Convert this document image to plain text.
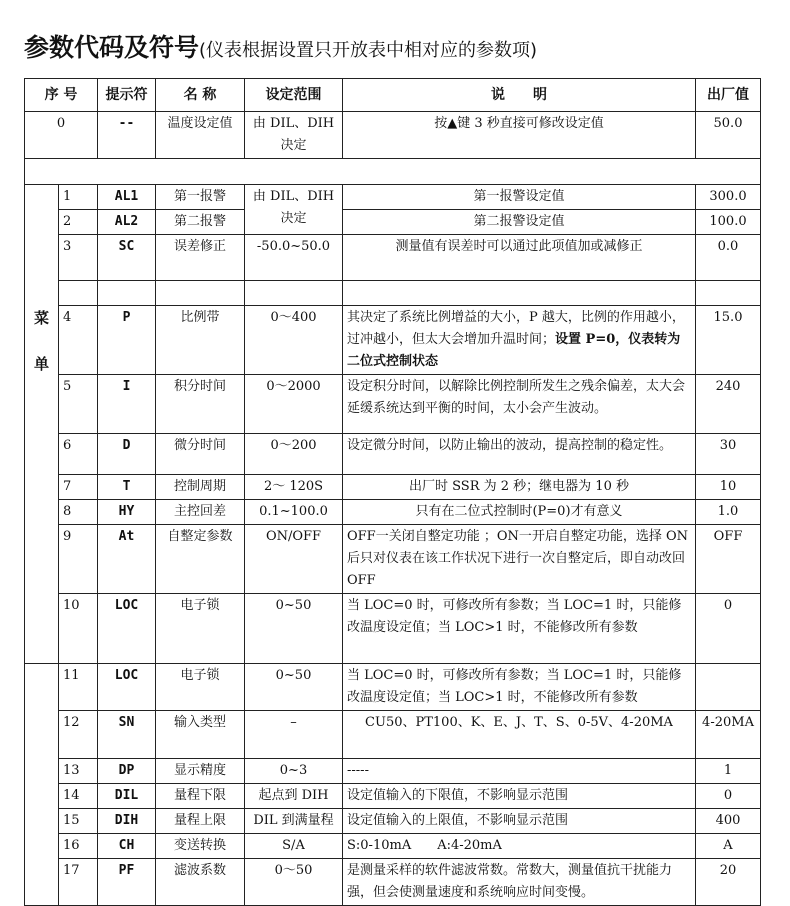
参数代码及符号(仪表根据设置只开放表中相对应的参数项)
序 号		提示符	名 称	设定范围	说　　明	出厂值
0		--	温度设定值	由 DIL、DIH 决定	按▲键 3 秒直接可修改设定值	50.0

菜
单	1	AL1	第一报警	由 DIL、DIH 决定	第一报警设定值	300.0
	2	AL2	第二报警		第二报警设定值	100.0
	3	SC	误差修正	-50.0~50.0	测量值有误差时可以通过此项值加或减修正	0.0

	4	P	比例带	0～400	其决定了系统比例增益的大小，P 越大，比例的作用越小，过冲越小，但太大会增加升温时间；设置 P=0，仪表转为二位式控制状态	15.0
	5	I	积分时间	0～2000	设定积分时间，以解除比例控制所发生之残余偏差，太大会延缓系统达到平衡的时间，太小会产生波动。	240
	6	D	微分时间	0～200	设定微分时间，以防止输出的波动，提高控制的稳定性。	30
	7	T	控制周期	2～ 120S	出厂时 SSR 为 2 秒；继电器为 10 秒	10
	8	HY	主控回差	0.1~100.0	只有在二位式控制时(P=0)才有意义	1.0
	9	At	自整定参数	ON/OFF	OFF一关闭自整定功能 ；ON一开启自整定功能，选择 ON 后只对仪表在该工作状况下进行一次自整定后，即自动改回 OFF	OFF
	10	LOC	电子锁	0~50	当 LOC=0 时，可修改所有参数；当 LOC=1 时，只能修改温度设定值；当 LOC>1 时，不能修改所有参数	0
	11	LOC	电子锁	0~50	当 LOC=0 时，可修改所有参数；当 LOC=1 时，只能修改温度设定值；当 LOC>1 时，不能修改所有参数	
	12	SN	输入类型	–	CU50、PT100、K、E、J、T、S、0-5V、4-20MA	4-20MA
	13	DP	显示精度	0~3	-----	1
	14	DIL	量程下限	起点到 DIH	设定值输入的下限值，不影响显示范围	0
	15	DIH	量程上限	DIL 到满量程	设定值输入的上限值，不影响显示范围	400
	16	CH	变送转换	S/A	S:0-10mA　　A:4-20mA	A
	17	PF	滤波系数	0～50	是测量采样的软件滤波常数。常数大，测量值抗干扰能力强，但会使测量速度和系统响应时间变慢。	20
